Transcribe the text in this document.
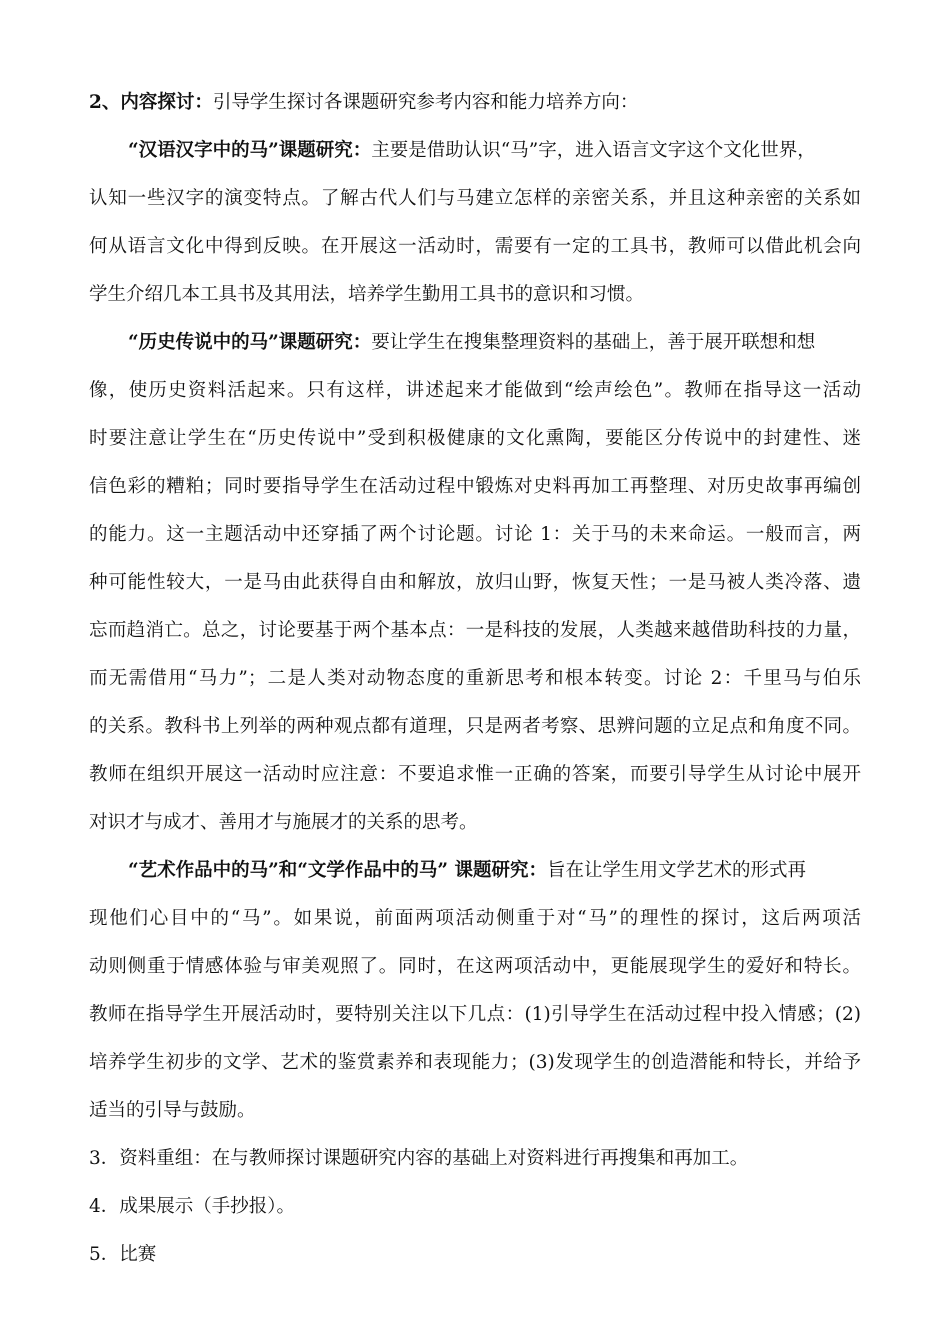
2、内容探讨：引导学生探讨各课题研究参考内容和能力培养方向：
“汉语汉字中的马”课题研究：主要是借助认识“马”字，进入语言文字这个文化世界，
认知一些汉字的演变特点。了解古代人们与马建立怎样的亲密关系，并且这种亲密的关系如
何从语言文化中得到反映。在开展这一活动时，需要有一定的工具书，教师可以借此机会向
学生介绍几本工具书及其用法，培养学生勤用工具书的意识和习惯。
“历史传说中的马”课题研究：要让学生在搜集整理资料的基础上，善于展开联想和想
像，使历史资料活起来。只有这样，讲述起来才能做到“绘声绘色”。教师在指导这一活动
时要注意让学生在“历史传说中”受到积极健康的文化熏陶，要能区分传说中的封建性、迷
信色彩的糟粕；同时要指导学生在活动过程中锻炼对史料再加工再整理、对历史故事再编创
的能力。这一主题活动中还穿插了两个讨论题。讨论 1：关于马的未来命运。一般而言，两
种可能性较大，一是马由此获得自由和解放，放归山野，恢复天性；一是马被人类冷落、遗
忘而趋消亡。总之，讨论要基于两个基本点：一是科技的发展，人类越来越借助科技的力量，
而无需借用“马力”；二是人类对动物态度的重新思考和根本转变。讨论 2：千里马与伯乐
的关系。教科书上列举的两种观点都有道理，只是两者考察、思辨问题的立足点和角度不同。
教师在组织开展这一活动时应注意：不要追求惟一正确的答案，而要引导学生从讨论中展开
对识才与成才、善用才与施展才的关系的思考。
“艺术作品中的马”和“文学作品中的马” 课题研究：旨在让学生用文学艺术的形式再
现他们心目中的“马”。如果说，前面两项活动侧重于对“马”的理性的探讨，这后两项活
动则侧重于情感体验与审美观照了。同时，在这两项活动中，更能展现学生的爱好和特长。
教师在指导学生开展活动时，要特别关注以下几点：(1)引导学生在活动过程中投入情感；(2)
培养学生初步的文学、艺术的鉴赏素养和表现能力；(3)发现学生的创造潜能和特长，并给予
适当的引导与鼓励。
3．资料重组：在与教师探讨课题研究内容的基础上对资料进行再搜集和再加工。
4．成果展示（手抄报）。
5．比赛
